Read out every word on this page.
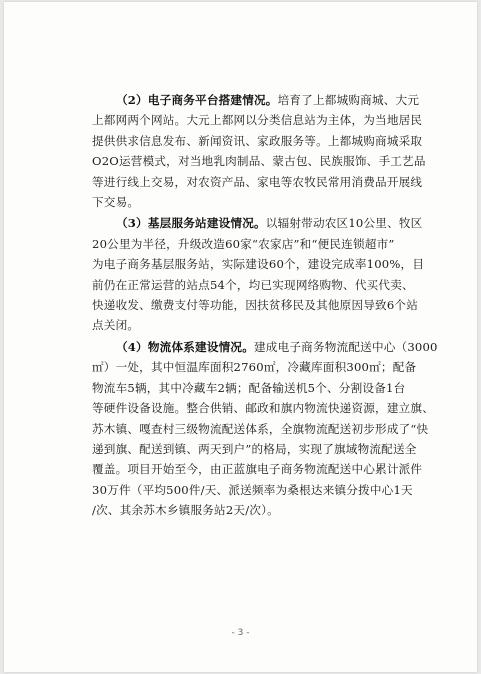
（2）电子商务平台搭建情况。培育了上都城购商城、大元
上都网两个网站。大元上都网以分类信息站为主体，为当地居民
提供供求信息发布、新闻资讯、家政服务等。上都城购商城采取
O2O运营模式，对当地乳肉制品、蒙古包、民族服饰、手工艺品
等进行线上交易，对农资产品、家电等农牧民常用消费品开展线
下交易。

（3）基层服务站建设情况。以辐射带动农区10公里、牧区
20公里为半径，升级改造60家“农家店”和“便民连锁超市”
为电子商务基层服务站，实际建设60个，建设完成率100%，目
前仍在正常运营的站点54个，均已实现网络购物、代买代卖、
快递收发、缴费支付等功能，因扶贫移民及其他原因导致6个站
点关闭。

（4）物流体系建设情况。建成电子商务物流配送中心（3000
㎡）一处，其中恒温库面积2760㎡，冷藏库面积300㎡；配备
物流车5辆，其中冷藏车2辆；配备输送机5个、分割设备1台
等硬件设备设施。整合供销、邮政和旗内物流快递资源，建立旗、
苏木镇、嘎查村三级物流配送体系，全旗物流配送初步形成了“快
递到旗、配送到镇、两天到户”的格局，实现了旗域物流配送全
覆盖。项目开始至今，由正蓝旗电子商务物流配送中心累计派件
30万件（平均500件/天、派送频率为桑根达来镇分拨中心1天
/次、其余苏木乡镇服务站2天/次）。

- 3 -
